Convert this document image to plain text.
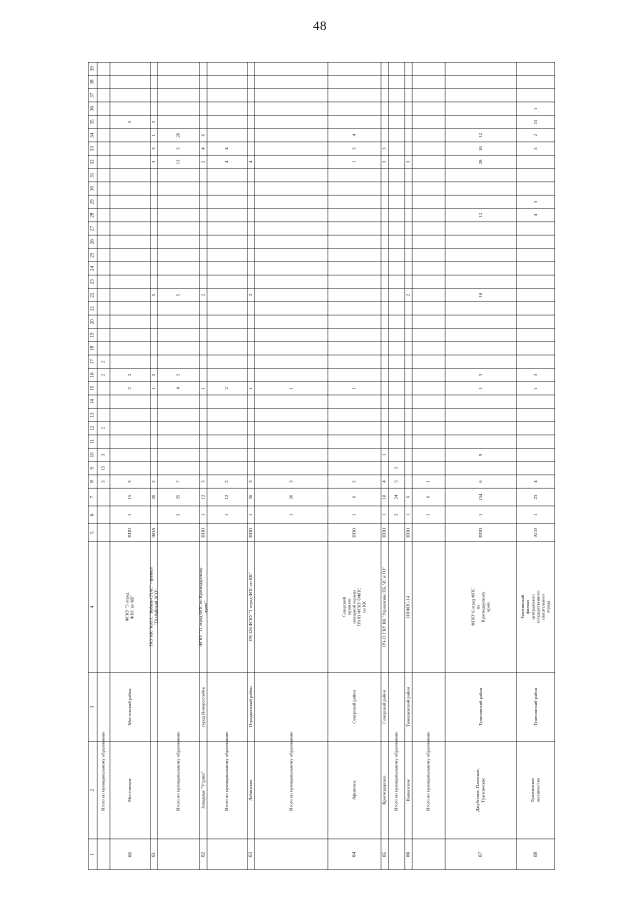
48
1
2
3
4
5
6
7
8
9
10
11
12
13
14
15
16
17
18
19
20
21
22
23
24
25
26
27
28
29
30
31
32
33
34
35
36
37
38
39
Итого по муниципальному образованию
3
15
3
2
2
2
60
Мостовские
Мостовский район
ФГКУ "5 отряд ФПС по КК"
ППО
1
15
3
2
2
5
61
ГКУ КК "КАСС "Кубань-СПАС" - филиал "Псебайский АСО"
ФОА
20
2
1
2
5
3
3
1
2
Итого по муниципальному образованию
2
35
7
4
2
5
13
3
20
62
Западные "Утриш"
город Новороссийск
ФГКУ "11 отряд ФПС по Краснодарскому краю"
ППО
1
12
3
1
2
2
4
6
Итого по муниципальному образованию
1
12
2
2
4
4
63
Лабинские
Отрадненский район
ПЧ-126 ФГКУ "1 отряд ФПС по КК"
ППО
1
36
3
1
3
4
Итого по муниципальному образованию
1
36
3
1
64
Афипское
Северский район
Северский гарнизон пожарной охраны ПЧ 83 ФГКУ ОФПС по КК
ППО
1
6
2
1
1
3
4
65
Краснодарское
Северский район
ПЧ-11 ГКУ КК "Управление ПБ, ЧС и ГО"
ППО
1
18
4
1
3
3
Итого по муниципальному образованию
2
24
5
3
66
Кавказские
Тимашевский район
ОПФПС-14
ППО
1
6
2
3
Итого по муниципальному образованию
1
6
1
67
Джубгские, Пляхские, Туапсинские
Туапсинский район
ФГКУ 6 отряд ФПС по Краснодарскому краю
ППО
1
154
6
9
1
3
18
12
28
18
12
68
Туапсинское лесничество
Туапсинский район
Туапсинский филиал центрального государственного спасательного отряда
АСО
1
23
4
1
3
4
3
5
2
15
1
